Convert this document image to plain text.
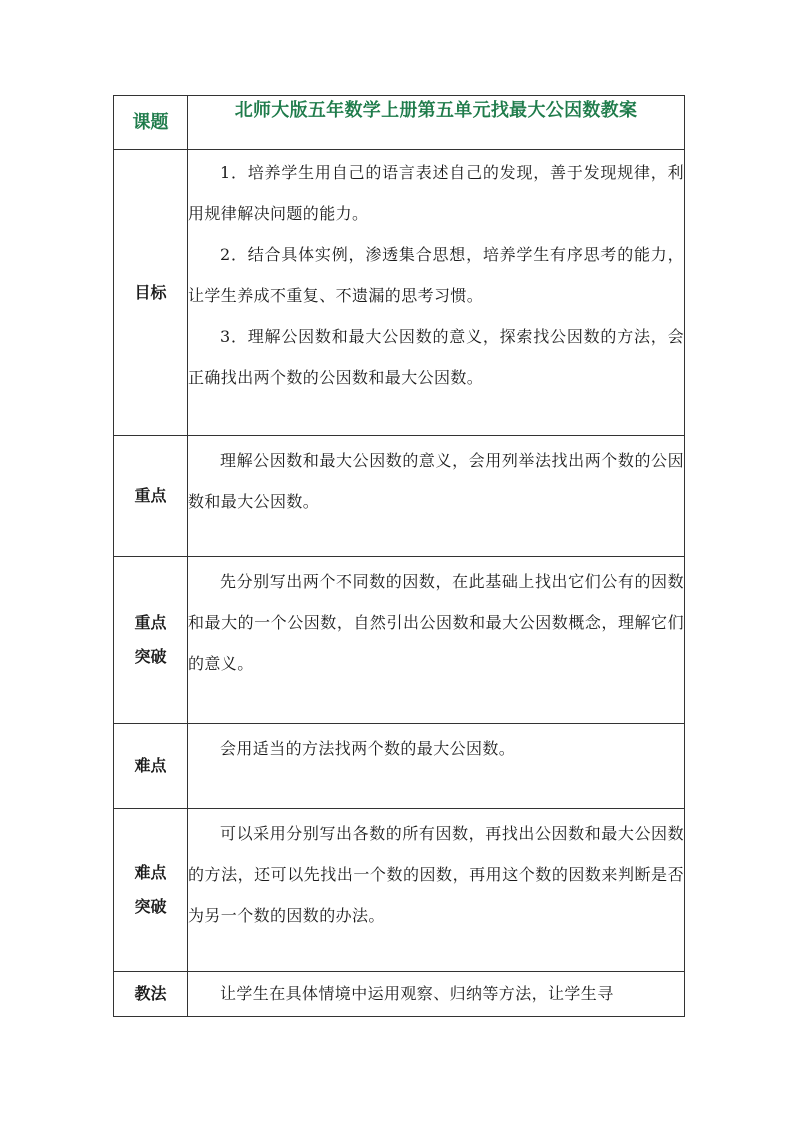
课题	北师大版五年数学上册第五单元找最大公因数教案
目标	1．培养学生用自己的语言表述自己的发现，善于发现规律，利用规律解决问题的能力。

2．结合具体实例，渗透集合思想，培养学生有序思考的能力，让学生养成不重复、不遗漏的思考习惯。

3．理解公因数和最大公因数的意义，探索找公因数的方法，会正确找出两个数的公因数和最大公因数。

重点	理解公因数和最大公因数的意义，会用列举法找出两个数的公因数和最大公因数。

重点
突破	先分别写出两个不同数的因数，在此基础上找出它们公有的因数和最大的一个公因数，自然引出公因数和最大公因数概念，理解它们的意义。

难点	会用适当的方法找两个数的最大公因数。

难点
突破	可以采用分别写出各数的所有因数，再找出公因数和最大公因数的方法，还可以先找出一个数的因数，再用这个数的因数来判断是否为另一个数的因数的办法。

教法	让学生在具体情境中运用观察、归纳等方法，让学生寻
